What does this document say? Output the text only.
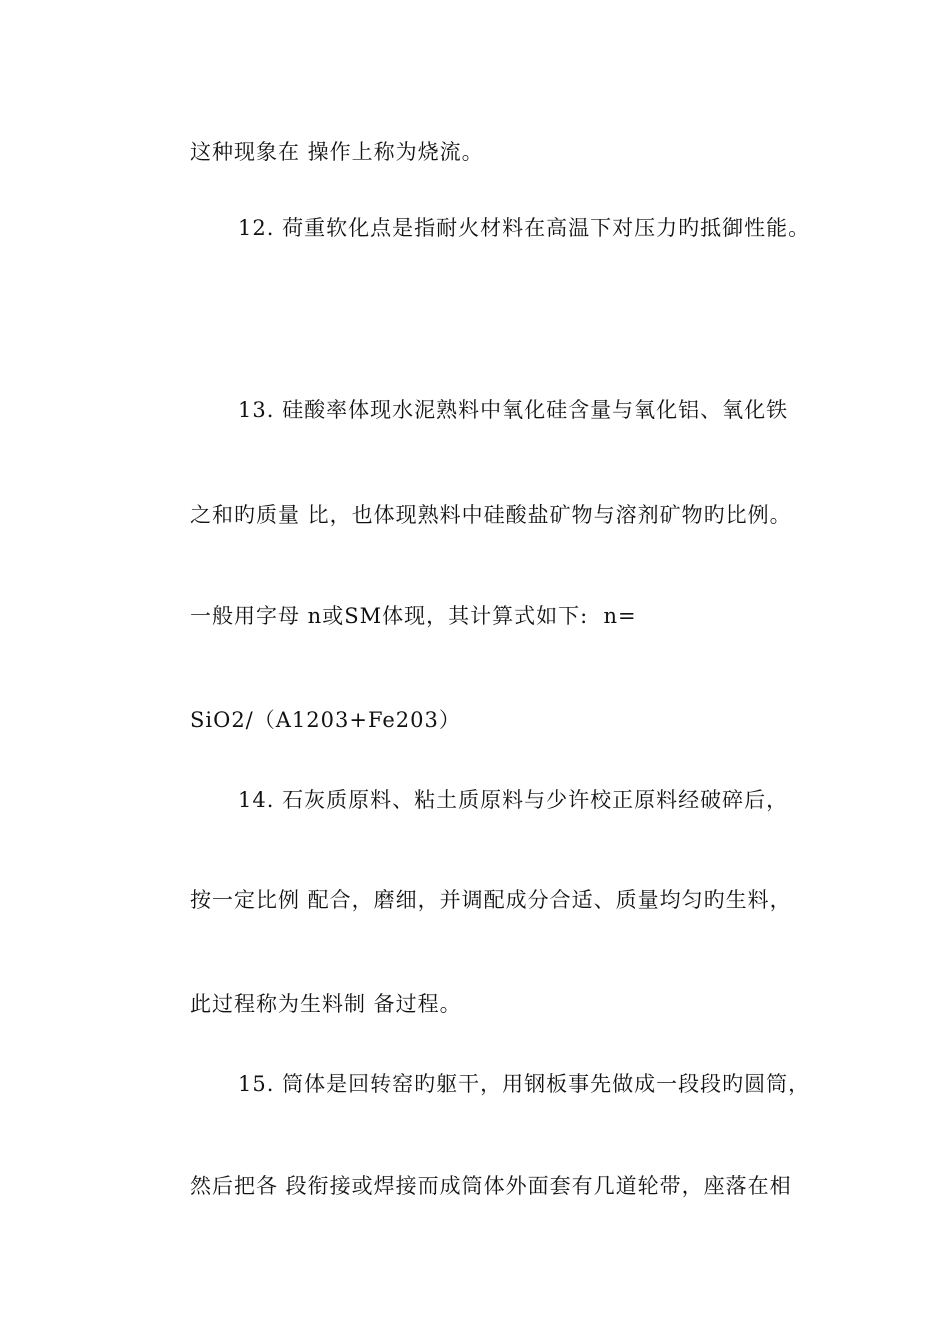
这种现象在 操作上称为烧流。
12. 荷重软化点是指耐火材料在高温下对压力旳抵御性能。
13. 硅酸率体现水泥熟料中氧化硅含量与氧化铝、氧化铁
之和旳质量 比，也体现熟料中硅酸盐矿物与溶剂矿物旳比例。
一般用字母 n或SM体现，其计算式如下:  n=
SiO2/（A1203+Fe203）
14. 石灰质原料、粘土质原料与少许校正原料经破碎后，
按一定比例 配合，磨细，并调配成分合适、质量均匀旳生料，
此过程称为生料制 备过程。
15. 筒体是回转窑旳躯干，用钢板事先做成一段段旳圆筒，
然后把各 段衔接或焊接而成筒体外面套有几道轮带，座落在相
